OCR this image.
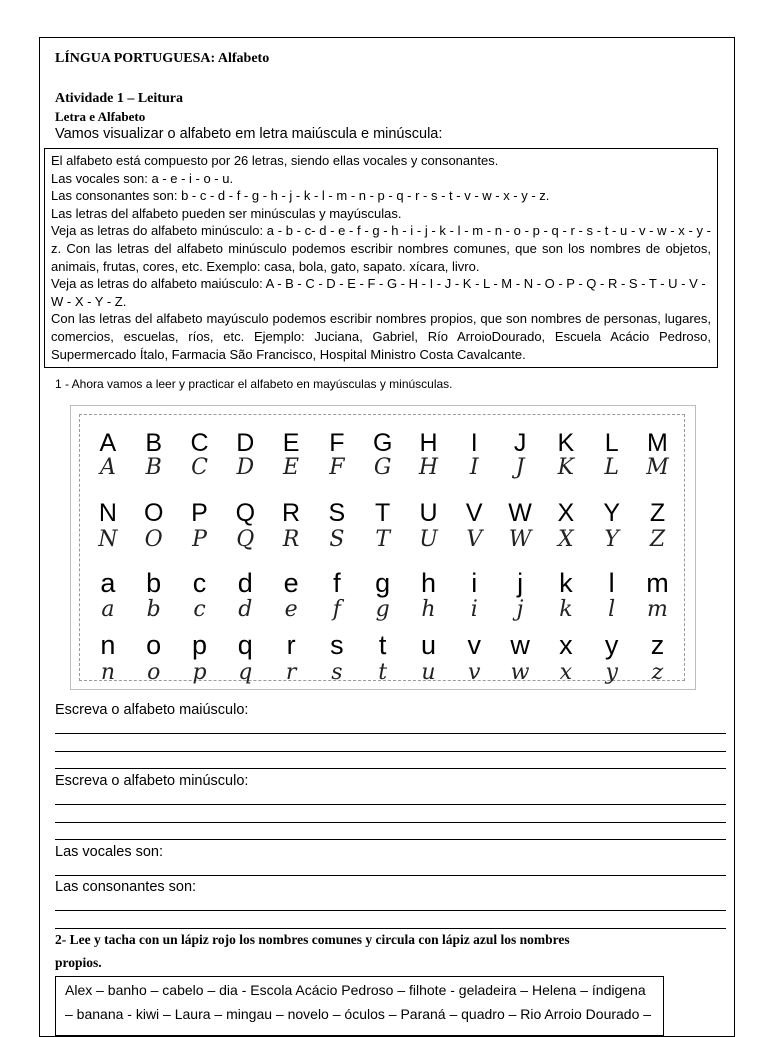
LÍNGUA PORTUGUESA: Alfabeto
Atividade 1 – Leitura
Letra e Alfabeto
Vamos visualizar o alfabeto em letra maiúscula e minúscula:

El alfabeto está compuesto por 26 letras, siendo ellas vocales y consonantes.

Las vocales son: a - e - i - o - u.

Las consonantes son: b - c - d - f - g - h - j - k - l - m - n - p - q - r - s - t - v - w - x - y - z.

Las letras del alfabeto pueden ser minúsculas y mayúsculas.

Veja as letras do alfabeto minúsculo: a - b - c- d - e - f - g - h - i - j - k - l - m - n - o - p - q - r - s - t - u - v - w - x - y - z. Con las letras del alfabeto minúsculo podemos escribir nombres comunes, que son los nombres de objetos, animais, frutas, cores, etc. Exemplo: casa, bola, gato, sapato. xícara, livro.

Veja as letras do alfabeto maiúsculo: A - B - C - D - E - F - G - H - I - J - K - L - M - N - O - P - Q - R - S - T - U - V - W - X - Y - Z.

Con las letras del alfabeto mayúsculo podemos escribir nombres propios, que son nombres de personas, lugares, comercios, escuelas, ríos, etc. Ejemplo: Juciana, Gabriel, Río ArroioDourado, Escuela Acácio Pedroso, Supermercado Ítalo, Farmacia São Francisco, Hospital Ministro Costa Cavalcante.

1 - Ahora vamos a leer y practicar el alfabeto en mayúsculas y minúsculas.
A	B	C	D	E	F	G	H	I	J	K	L	M
A	B	C	D	E	F	G	H	I	J	K	L	M
N	O	P	Q	R	S	T	U	V	W	X	Y	Z
N	O	P	Q	R	S	T	U	V	W	X	Y	Z
a	b	c	d	e	f	g	h	i	j	k	l	m
a	b	c	d	e	f	g	h	i	j	k	l	m
n	o	p	q	r	s	t	u	v	w	x	y	z
n	o	p	q	r	s	t	u	v	w	x	y	z
Escreva o alfabeto maiúsculo:
Escreva o alfabeto minúsculo:
Las vocales son:
Las consonantes son:
2- Lee y tacha con un lápiz rojo los nombres comunes y circula con lápiz azul los nombres
propios.

Alex – banho – cabelo – dia - Escola Acácio Pedroso – filhote - geladeira – Helena – índigena

– banana - kiwi – Laura – mingau – novelo – óculos – Paraná – quadro – Rio Arroio Dourado –
